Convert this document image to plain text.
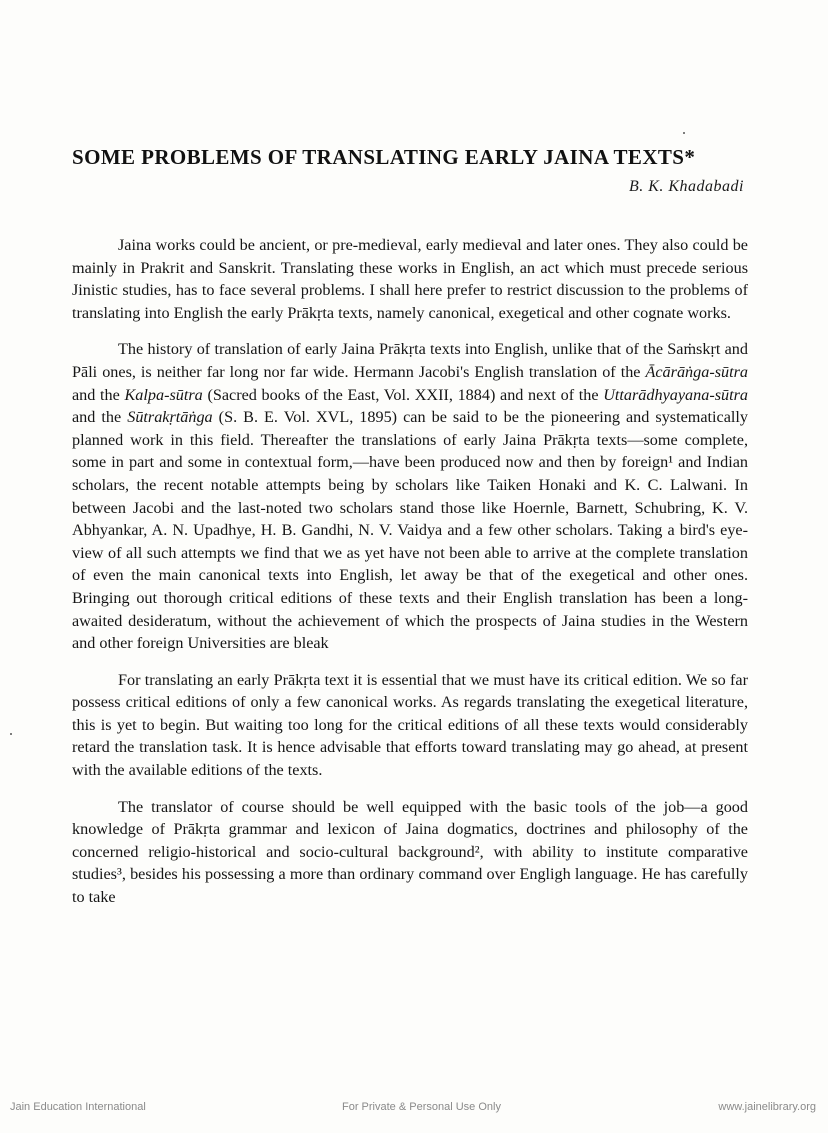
SOME PROBLEMS OF TRANSLATING EARLY JAINA TEXTS*
B. K. Khadabadi

Jaina works could be ancient, or pre-medieval, early medieval and later ones. They also could be mainly in Prakrit and Sanskrit. Translating these works in English, an act which must precede serious Jinistic studies, has to face several problems. I shall here prefer to restrict discussion to the problems of translating into English the early Prākṛta texts, namely canonical, exegetical and other cognate works.

The history of translation of early Jaina Prākṛta texts into English, unlike that of the Saṁskṛt and Pāli ones, is neither far long nor far wide. Hermann Jacobi's English translation of the Ācārāṅga-sūtra and the Kalpa-sūtra (Sacred books of the East, Vol. XXII, 1884) and next of the Uttarādhyayana-sūtra and the Sūtrakṛtāṅga (S. B. E. Vol. XVL, 1895) can be said to be the pioneering and systematically planned work in this field. Thereafter the translations of early Jaina Prākṛta texts—some complete, some in part and some in contextual form,—have been produced now and then by foreign¹ and Indian scholars, the recent notable attempts being by scholars like Taiken Honaki and K. C. Lalwani. In between Jacobi and the last-noted two scholars stand those like Hoernle, Barnett, Schubring, K. V. Abhyankar, A. N. Upadhye, H. B. Gandhi, N. V. Vaidya and a few other scholars. Taking a bird's eye-view of all such attempts we find that we as yet have not been able to arrive at the complete translation of even the main canonical texts into English, let away be that of the exegetical and other ones. Bringing out thorough critical editions of these texts and their English translation has been a long-awaited desideratum, without the achievement of which the prospects of Jaina studies in the Western and other foreign Universities are bleak

For translating an early Prākṛta text it is essential that we must have its critical edition. We so far possess critical editions of only a few canonical works. As regards translating the exegetical literature, this is yet to begin. But waiting too long for the critical editions of all these texts would considerably retard the translation task. It is hence advisable that efforts toward translating may go ahead, at present with the available editions of the texts.

The translator of course should be well equipped with the basic tools of the job—a good knowledge of Prākṛta grammar and lexicon of Jaina dogmatics, doctrines and philosophy of the concerned religio-historical and socio-cultural background², with ability to institute comparative studies³, besides his possessing a more than ordinary command over Engligh language. He has carefully to take

Jain Education International	For Private & Personal Use Only	www.jainelibrary.org
